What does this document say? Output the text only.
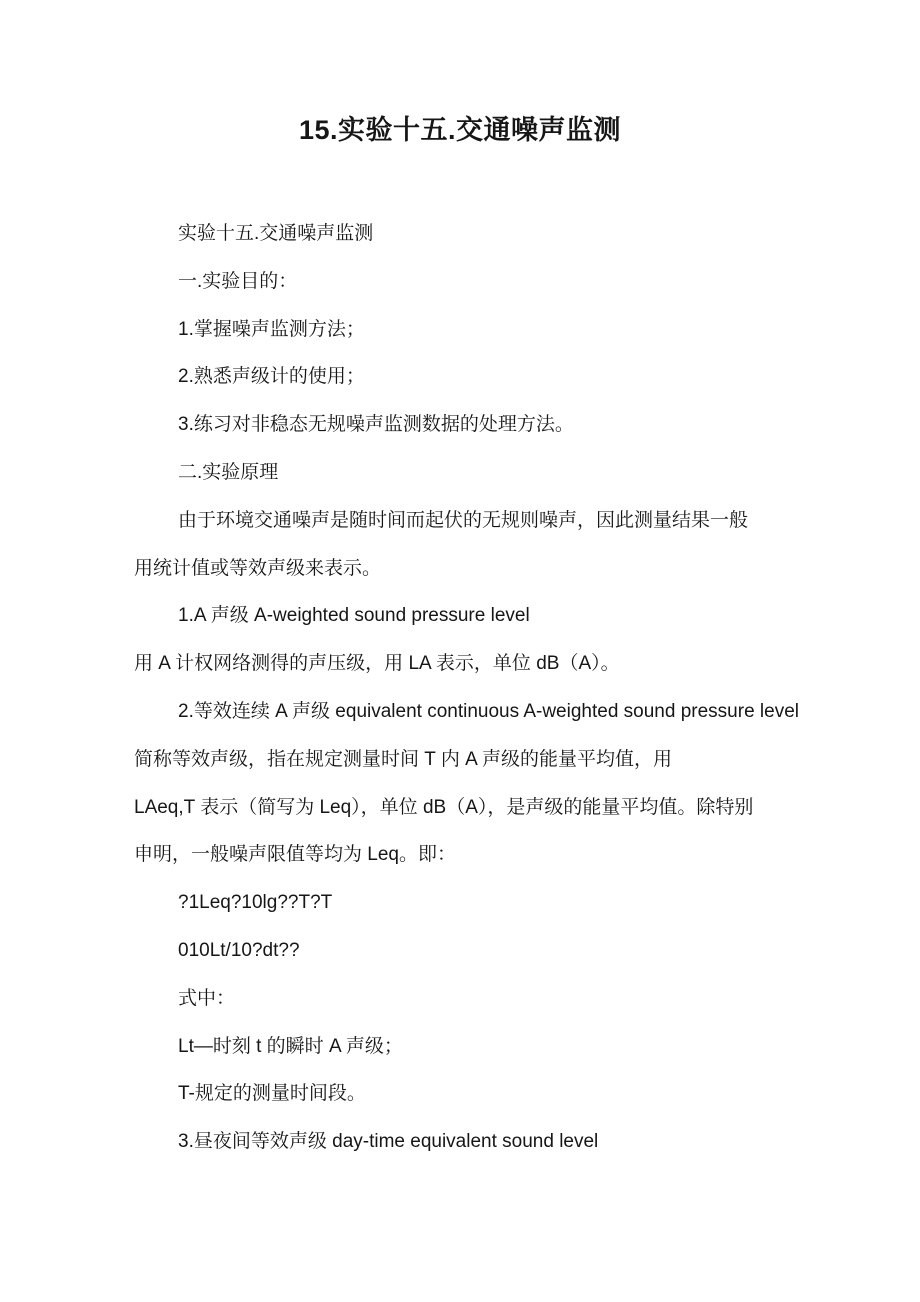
15.实验十五.交通噪声监测

实验十五.交通噪声监测

一.实验目的：

1.掌握噪声监测方法；

2.熟悉声级计的使用；

3.练习对非稳态无规噪声监测数据的处理方法。

二.实验原理

由于环境交通噪声是随时间而起伏的无规则噪声，因此测量结果一般

用统计值或等效声级来表示。

1.A 声级 A-weighted sound pressure level

用 A 计权网络测得的声压级，用 LA 表示，单位 dB（A）。

2.等效连续 A 声级 equivalent continuous A-weighted sound pressure level

简称等效声级，指在规定测量时间 T 内 A 声级的能量平均值，用

LAeq,T 表示（简写为 Leq），单位 dB（A），是声级的能量平均值。除特别

申明，一般噪声限值等均为 Leq。即：

?1Leq?10lg??T?T

010Lt/10?dt??

式中：

Lt—时刻 t 的瞬时 A 声级；

T-规定的测量时间段。

3.昼夜间等效声级 day-time equivalent sound level
